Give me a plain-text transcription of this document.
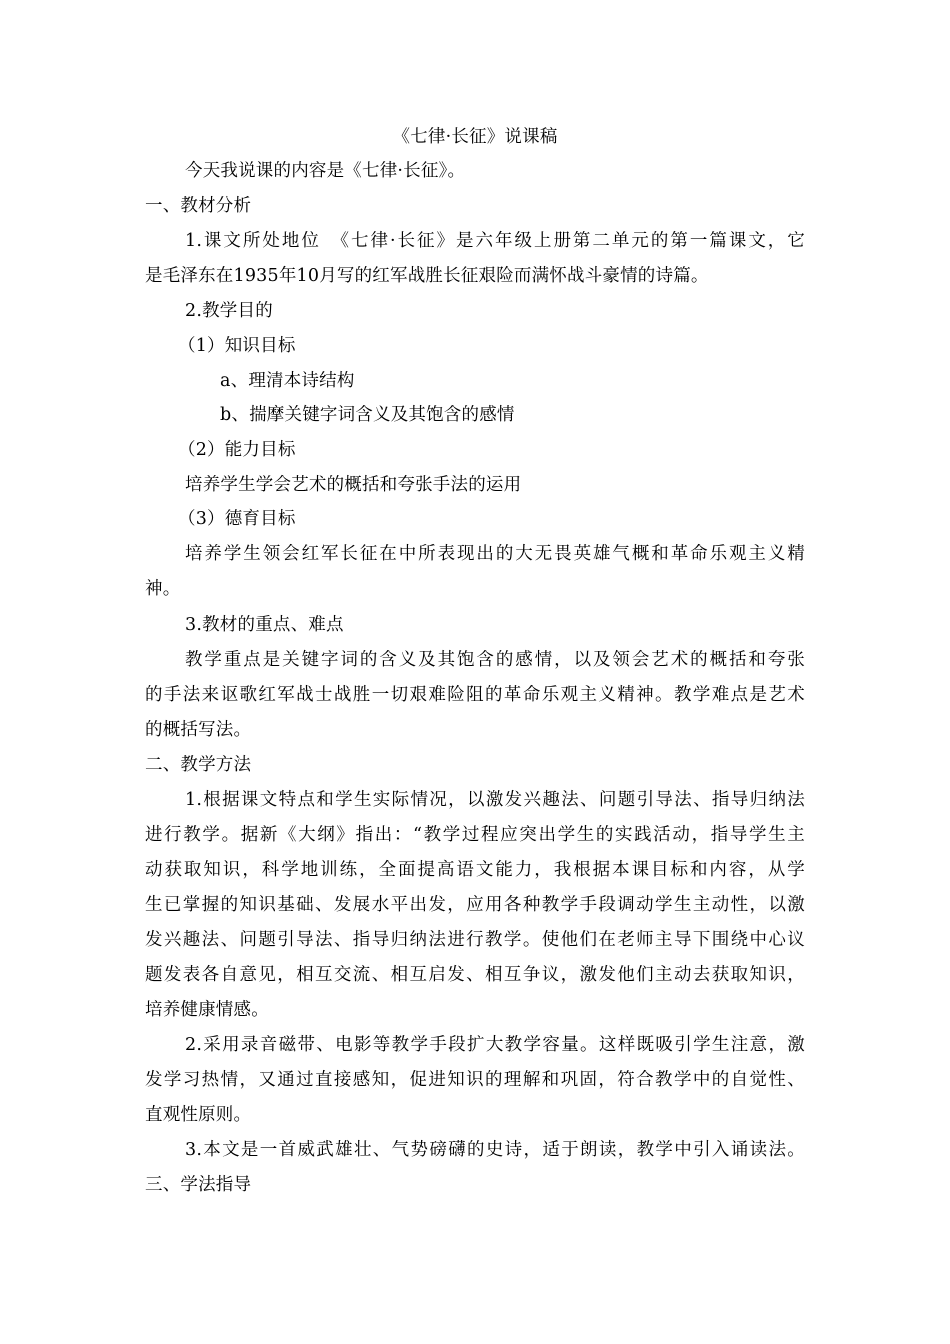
《七律·长征》说课稿
今天我说课的内容是《七律·长征》。
一、教材分析
1.课文所处地位　《七律·长征》是六年级上册第二单元的第一篇课文，它
是毛泽东在1935年10月写的红军战胜长征艰险而满怀战斗豪情的诗篇。
2.教学目的
（1）知识目标
a、理清本诗结构
b、揣摩关键字词含义及其饱含的感情
（2）能力目标
培养学生学会艺术的概括和夸张手法的运用
（3）德育目标
培养学生领会红军长征在中所表现出的大无畏英雄气概和革命乐观主义精
神。
3.教材的重点、难点
教学重点是关键字词的含义及其饱含的感情，以及领会艺术的概括和夸张
的手法来讴歌红军战士战胜一切艰难险阻的革命乐观主义精神。教学难点是艺术
的概括写法。
二、教学方法
1.根据课文特点和学生实际情况，以激发兴趣法、问题引导法、指导归纳法
进行教学。据新《大纲》指出：“教学过程应突出学生的实践活动，指导学生主
动获取知识，科学地训练，全面提高语文能力，我根据本课目标和内容，从学
生已掌握的知识基础、发展水平出发，应用各种教学手段调动学生主动性，以激
发兴趣法、问题引导法、指导归纳法进行教学。使他们在老师主导下围绕中心议
题发表各自意见，相互交流、相互启发、相互争议，激发他们主动去获取知识，
培养健康情感。
2.采用录音磁带、电影等教学手段扩大教学容量。这样既吸引学生注意，激
发学习热情，又通过直接感知，促进知识的理解和巩固，符合教学中的自觉性、
直观性原则。
3.本文是一首威武雄壮、气势磅礴的史诗，适于朗读，教学中引入诵读法。
三、学法指导
